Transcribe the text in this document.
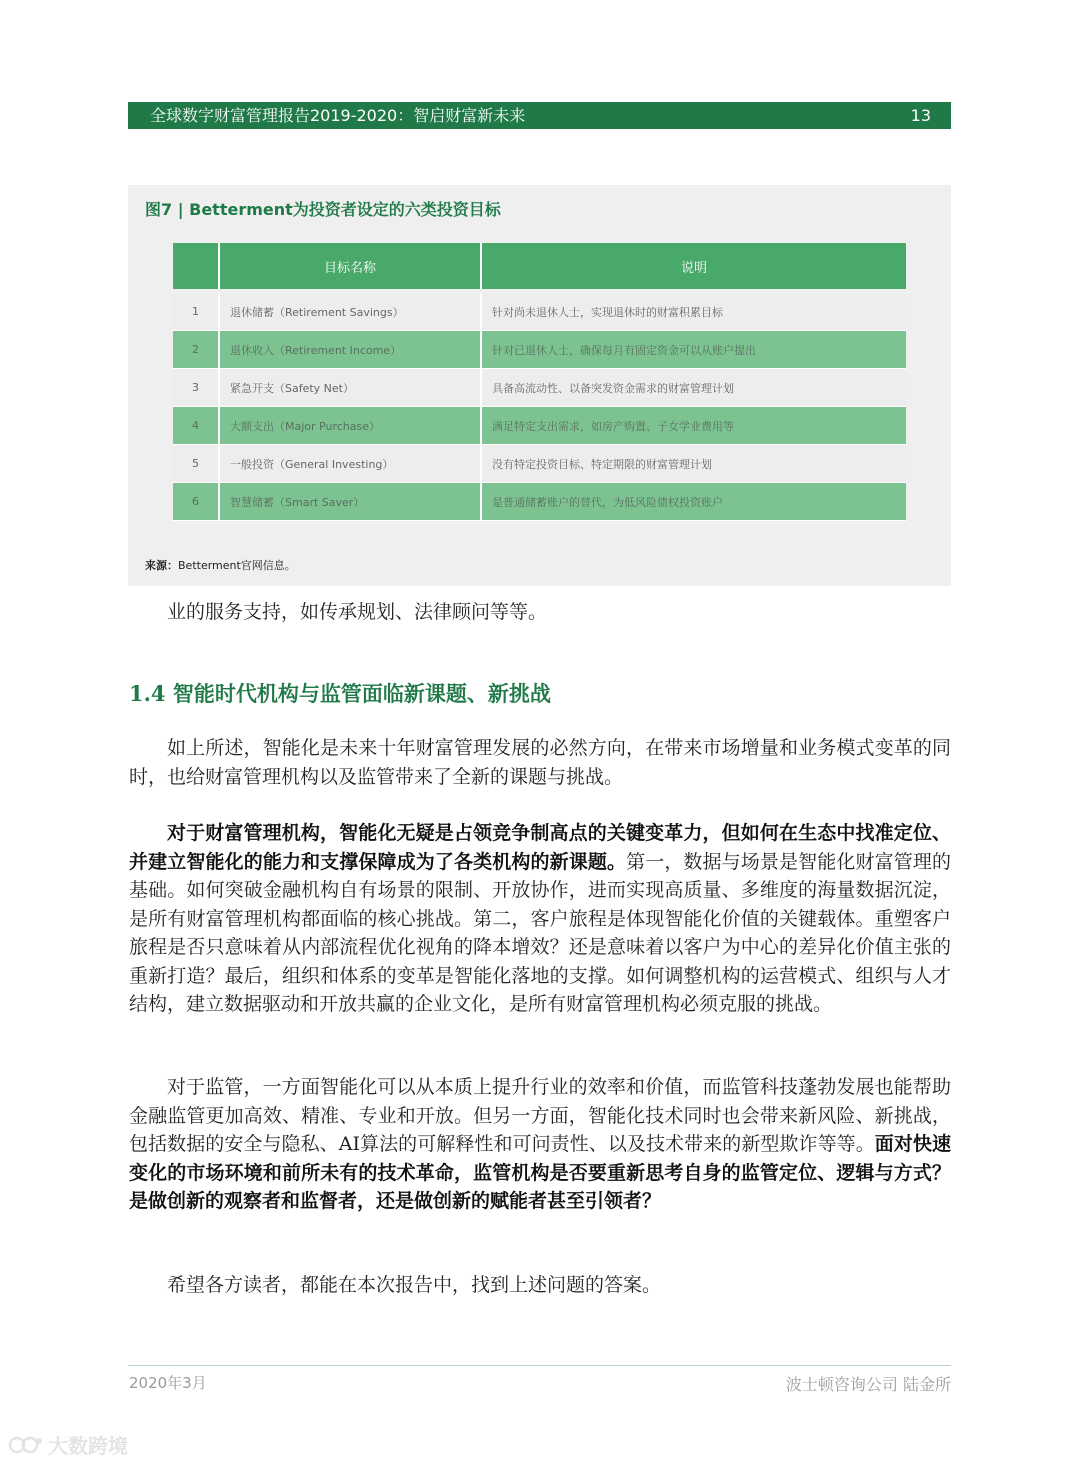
全球数字财富管理报告2019-2020：智启财富新未来	13
图7 | Betterment为投资者设定的六类投资目标
	目标名称	说明
1	退休储蓄（Retirement Savings）	针对尚未退休人士，实现退休时的财富积累目标
2	退休收入（Retirement Income）	针对已退休人士，确保每月有固定资金可以从账户提出
3	紧急开支（Safety Net）	具备高流动性、以备突发资金需求的财富管理计划
4	大额支出（Major Purchase）	满足特定支出需求，如房产购置、子女学业费用等
5	一般投资（General Investing）	没有特定投资目标、特定期限的财富管理计划
6	智慧储蓄（Smart Saver）	是普通储蓄账户的替代，为低风险债权投资账户
来源：Betterment官网信息。
业的服务支持，如传承规划、法律顾问等等。
1.4 智能时代机构与监管面临新课题、新挑战
如上所述，智能化是未来十年财富管理发展的必然方向，在带来市场增量和业务模式变革的同时，也给财富管理机构以及监管带来了全新的课题与挑战。
对于财富管理机构，智能化无疑是占领竞争制高点的关键变革力，但如何在生态中找准定位、并建立智能化的能力和支撑保障成为了各类机构的新课题。第一，数据与场景是智能化财富管理的基础。如何突破金融机构自有场景的限制、开放协作，进而实现高质量、多维度的海量数据沉淀，是所有财富管理机构都面临的核心挑战。第二，客户旅程是体现智能化价值的关键载体。重塑客户旅程是否只意味着从内部流程优化视角的降本增效？还是意味着以客户为中心的差异化价值主张的重新打造？最后，组织和体系的变革是智能化落地的支撑。如何调整机构的运营模式、组织与人才结构，建立数据驱动和开放共赢的企业文化，是所有财富管理机构必须克服的挑战。
对于监管，一方面智能化可以从本质上提升行业的效率和价值，而监管科技蓬勃发展也能帮助金融监管更加高效、精准、专业和开放。但另一方面，智能化技术同时也会带来新风险、新挑战，包括数据的安全与隐私、AI算法的可解释性和可问责性、以及技术带来的新型欺诈等等。面对快速变化的市场环境和前所未有的技术革命，监管机构是否要重新思考自身的监管定位、逻辑与方式？是做创新的观察者和监督者，还是做创新的赋能者甚至引领者？
希望各方读者，都能在本次报告中，找到上述问题的答案。
2020年3月	波士顿咨询公司 陆金所
大数跨境
